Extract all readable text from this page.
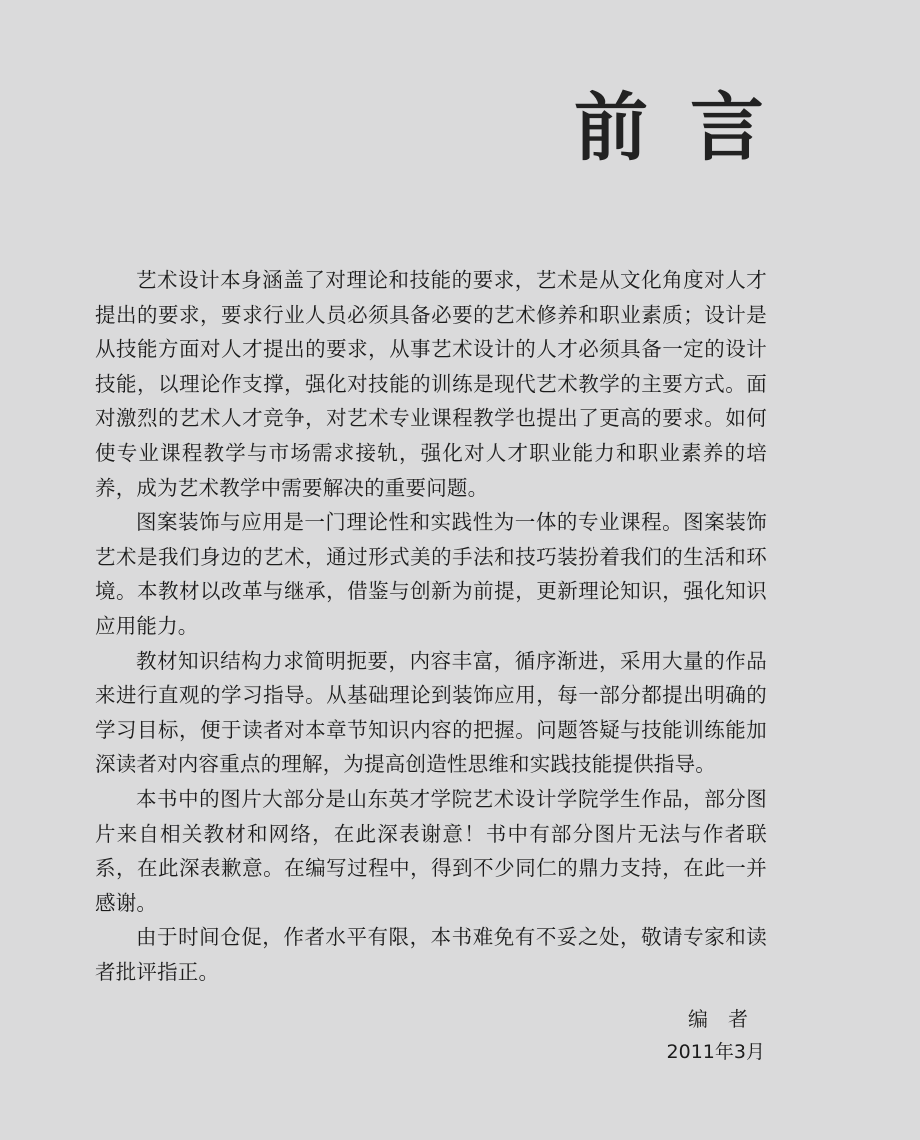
前言

艺术设计本身涵盖了对理论和技能的要求，艺术是从文化角度对人才提出的要求，要求行业人员必须具备必要的艺术修养和职业素质；设计是从技能方面对人才提出的要求，从事艺术设计的人才必须具备一定的设计技能，以理论作支撑，强化对技能的训练是现代艺术教学的主要方式。面对激烈的艺术人才竞争，对艺术专业课程教学也提出了更高的要求。如何使专业课程教学与市场需求接轨，强化对人才职业能力和职业素养的培养，成为艺术教学中需要解决的重要问题。

图案装饰与应用是一门理论性和实践性为一体的专业课程。图案装饰艺术是我们身边的艺术，通过形式美的手法和技巧装扮着我们的生活和环境。本教材以改革与继承，借鉴与创新为前提，更新理论知识，强化知识应用能力。

教材知识结构力求简明扼要，内容丰富，循序渐进，采用大量的作品来进行直观的学习指导。从基础理论到装饰应用，每一部分都提出明确的学习目标，便于读者对本章节知识内容的把握。问题答疑与技能训练能加深读者对内容重点的理解，为提高创造性思维和实践技能提供指导。

本书中的图片大部分是山东英才学院艺术设计学院学生作品，部分图片来自相关教材和网络，在此深表谢意！书中有部分图片无法与作者联系，在此深表歉意。在编写过程中，得到不少同仁的鼎力支持，在此一并感谢。

由于时间仓促，作者水平有限，本书难免有不妥之处，敬请专家和读者批评指正。

编者
2011年3月
